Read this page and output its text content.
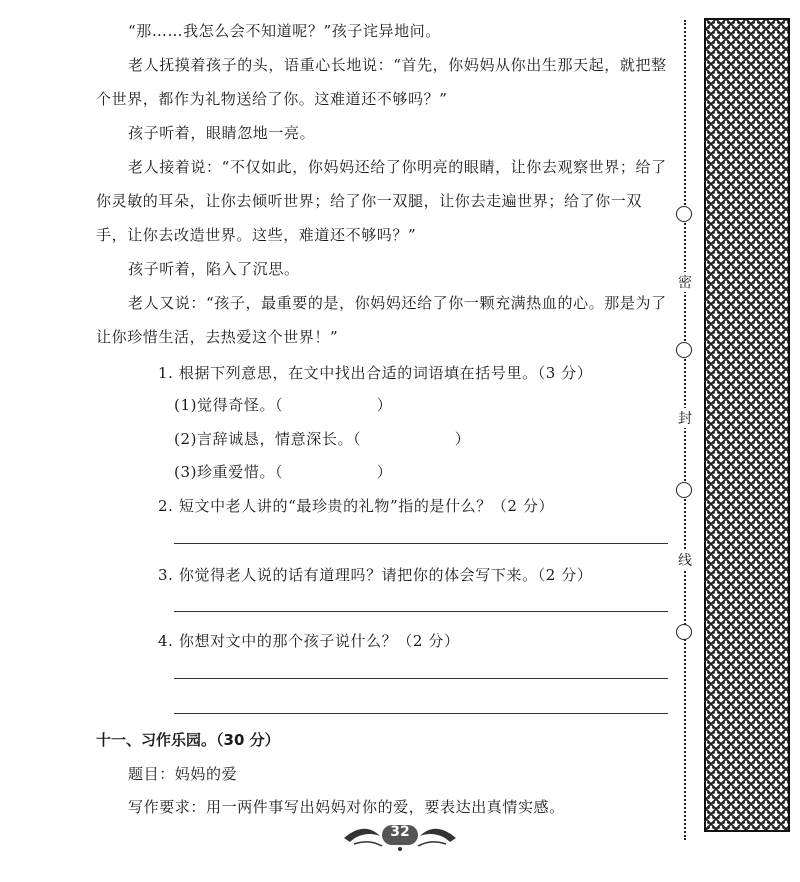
“那……我怎么会不知道呢？”孩子诧异地问。

老人抚摸着孩子的头，语重心长地说：“首先，你妈妈从你出生那天起，就把整个世界，都作为礼物送给了你。这难道还不够吗？”

孩子听着，眼睛忽地一亮。

老人接着说：“不仅如此，你妈妈还给了你明亮的眼睛，让你去观察世界；给了你灵敏的耳朵，让你去倾听世界；给了你一双腿，让你去走遍世界；给了你一双手，让你去改造世界。这些，难道还不够吗？”

孩子听着，陷入了沉思。

老人又说：“孩子，最重要的是，你妈妈还给了你一颗充满热血的心。那是为了让你珍惜生活，去热爱这个世界！”

1. 根据下列意思，在文中找出合适的词语填在括号里。（3 分）
(1)觉得奇怪。（　　　　　　）
(2)言辞诚恳，情意深长。（　　　　　　）
(3)珍重爱惜。（　　　　　　）
2. 短文中老人讲的“最珍贵的礼物”指的是什么？（2 分）
3. 你觉得老人说的话有道理吗？请把你的体会写下来。（2 分）
4. 你想对文中的那个孩子说什么？（2 分）
十一、习作乐园。（30 分）
题目：妈妈的爱
写作要求：用一两件事写出妈妈对你的爱，要表达出真情实感。
密
封
线
32
